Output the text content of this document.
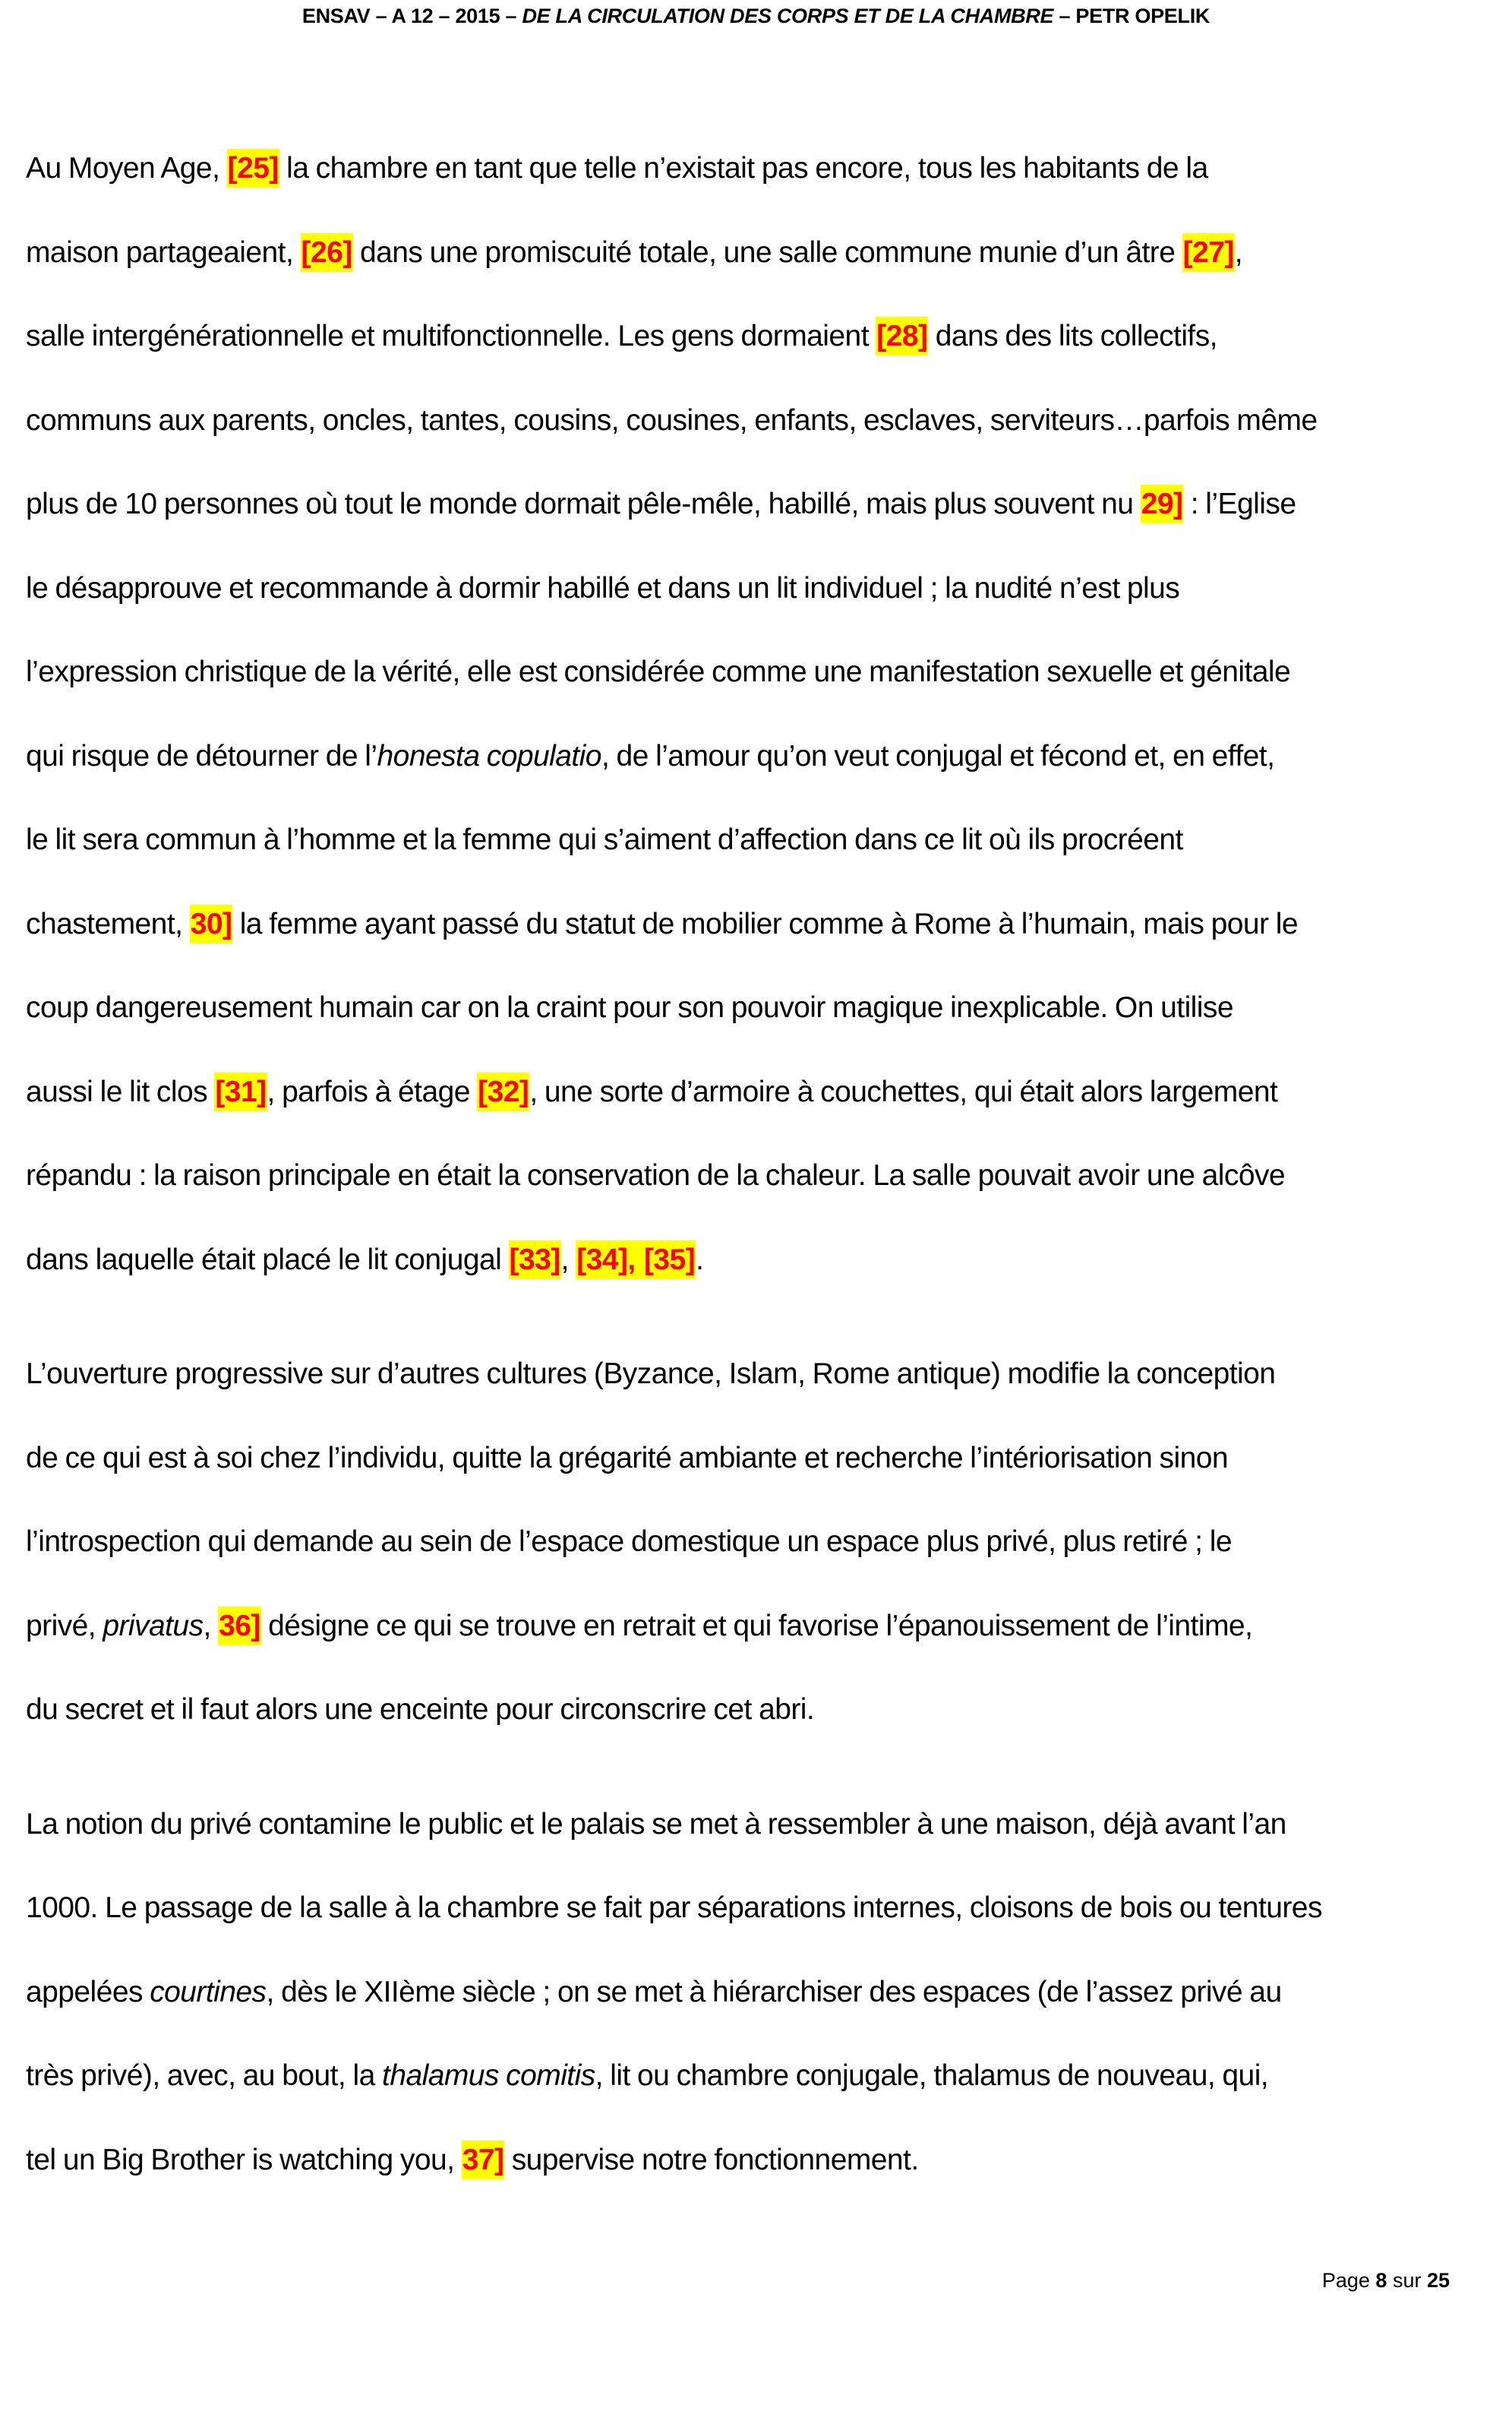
ENSAV – A 12 – 2015 – DE LA CIRCULATION DES CORPS ET DE LA CHAMBRE – PETR OPELIK
Au Moyen Age, [25] la chambre en tant que telle n’existait pas encore, tous les habitants de la
maison partageaient, [26] dans une promiscuité totale, une salle commune munie d’un âtre [27],
salle intergénérationnelle et multifonctionnelle. Les gens dormaient [28] dans des lits collectifs,
communs aux parents, oncles, tantes, cousins, cousines, enfants, esclaves, serviteurs…parfois même
plus de 10 personnes où tout le monde dormait pêle-mêle, habillé, mais plus souvent nu 29] : l’Eglise
le désapprouve et recommande à dormir habillé et dans un lit individuel ; la nudité n’est plus
l’expression christique de la vérité, elle est considérée comme une manifestation sexuelle et génitale
qui risque de détourner de l’honesta copulatio, de l’amour qu’on veut conjugal et fécond et, en effet,
le lit sera commun à l’homme et la femme qui s’aiment d’affection dans ce lit où ils procréent
chastement, 30] la femme ayant passé du statut de mobilier comme à Rome à l’humain, mais pour le
coup dangereusement humain car on la craint pour son pouvoir magique inexplicable. On utilise
aussi le lit clos [31], parfois à étage [32], une sorte d’armoire à couchettes, qui était alors largement
répandu : la raison principale en était la conservation de la chaleur. La salle pouvait avoir une alcôve
dans laquelle était placé le lit conjugal [33], [34], [35].
L’ouverture progressive sur d’autres cultures (Byzance, Islam, Rome antique) modifie la conception
de ce qui est à soi chez l’individu, quitte la grégarité ambiante et recherche l’intériorisation sinon
l’introspection qui demande au sein de l’espace domestique un espace plus privé, plus retiré ; le
privé, privatus, 36] désigne ce qui se trouve en retrait et qui favorise l’épanouissement de l’intime,
du secret et il faut alors une enceinte pour circonscrire cet abri.
La notion du privé contamine le public et le palais se met à ressembler à une maison, déjà avant l’an
1000. Le passage de la salle à la chambre se fait par séparations internes, cloisons de bois ou tentures
appelées courtines, dès le XIIème siècle ; on se met à hiérarchiser des espaces (de l’assez privé au
très privé), avec, au bout, la thalamus comitis, lit ou chambre conjugale, thalamus de nouveau, qui,
tel un Big Brother is watching you, 37] supervise notre fonctionnement.
Page 8 sur 25
